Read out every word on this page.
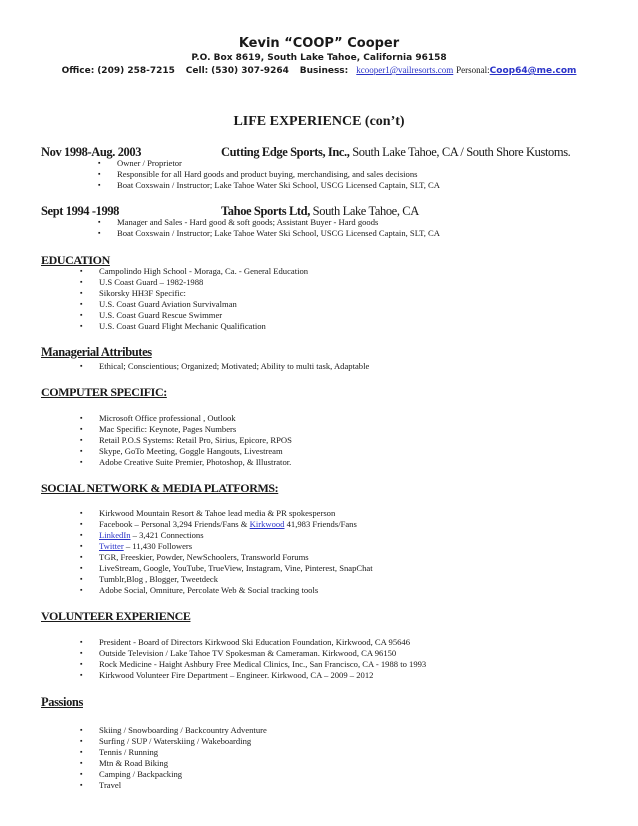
Kevin “COOP” Cooper
P.O. Box 8619, South Lake Tahoe, California 96158
Office: (209) 258-7215 Cell: (530) 307-9264 Business: kcooper1@vailresorts.com Personal:Coop64@me.com
LIFE EXPERIENCE (con’t)
Nov 1998-Aug. 2003	Cutting Edge Sports, Inc., South Lake Tahoe, CA / South Shore Kustoms.
▪ Owner / Proprietor
▪ Responsible for all Hard goods and product buying, merchandising, and sales decisions
▪ Boat Coxswain / Instructor; Lake Tahoe Water Ski School, USCG Licensed Captain, SLT, CA
Sept 1994 -1998	Tahoe Sports Ltd, South Lake Tahoe, CA
▪ Manager and Sales - Hard good & soft goods; Assistant Buyer - Hard goods
▪ Boat Coxswain / Instructor; Lake Tahoe Water Ski School, USCG Licensed Captain, SLT, CA
EDUCATION
▪ Campolindo High School - Moraga, Ca. - General Education
▪ U.S Coast Guard – 1982-1988
▪ Sikorsky HH3F Specific:
▪ U.S. Coast Guard Aviation Survivalman
▪ U.S. Coast Guard Rescue Swimmer
▪ U.S. Coast Guard Flight Mechanic Qualification
Managerial Attributes
▪ Ethical; Conscientious; Organized; Motivated; Ability to multi task, Adaptable
COMPUTER SPECIFIC:
▪ Microsoft Office professional , Outlook
▪ Mac Specific: Keynote, Pages Numbers
▪ Retail P.O.S Systems: Retail Pro, Sirius, Epicore, RPOS
▪ Skype, GoTo Meeting, Goggle Hangouts, Livestream
▪ Adobe Creative Suite Premier, Photoshop, & Illustrator.
SOCIAL NETWORK & MEDIA PLATFORMS:
▪ Kirkwood Mountain Resort & Tahoe lead media & PR spokesperson
▪ Facebook – Personal 3,294 Friends/Fans & Kirkwood 41,983 Friends/Fans
▪ LinkedIn – 3,421 Connections
▪ Twitter – 11,430 Followers
▪ TGR, Freeskier, Powder, NewSchoolers, Transworld Forums
▪ LiveStream, Google, YouTube, TrueView, Instagram, Vine, Pinterest, SnapChat
▪ Tumblr,Blog , Blogger, Tweetdeck
▪ Adobe Social, Omniture, Percolate Web & Social tracking tools
VOLUNTEER EXPERIENCE
▪ President - Board of Directors Kirkwood Ski Education Foundation, Kirkwood, CA 95646
▪ Outside Television / Lake Tahoe TV Spokesman & Cameraman. Kirkwood, CA 96150
▪ Rock Medicine - Haight Ashbury Free Medical Clinics, Inc., San Francisco, CA - 1988 to 1993
▪ Kirkwood Volunteer Fire Department – Engineer. Kirkwood, CA – 2009 – 2012
Passions
▪ Skiing / Snowboarding / Backcountry Adventure
▪ Surfing / SUP / Waterskiing / Wakeboarding
▪ Tennis / Running
▪ Mtn & Road Biking
▪ Camping / Backpacking
▪ Travel
